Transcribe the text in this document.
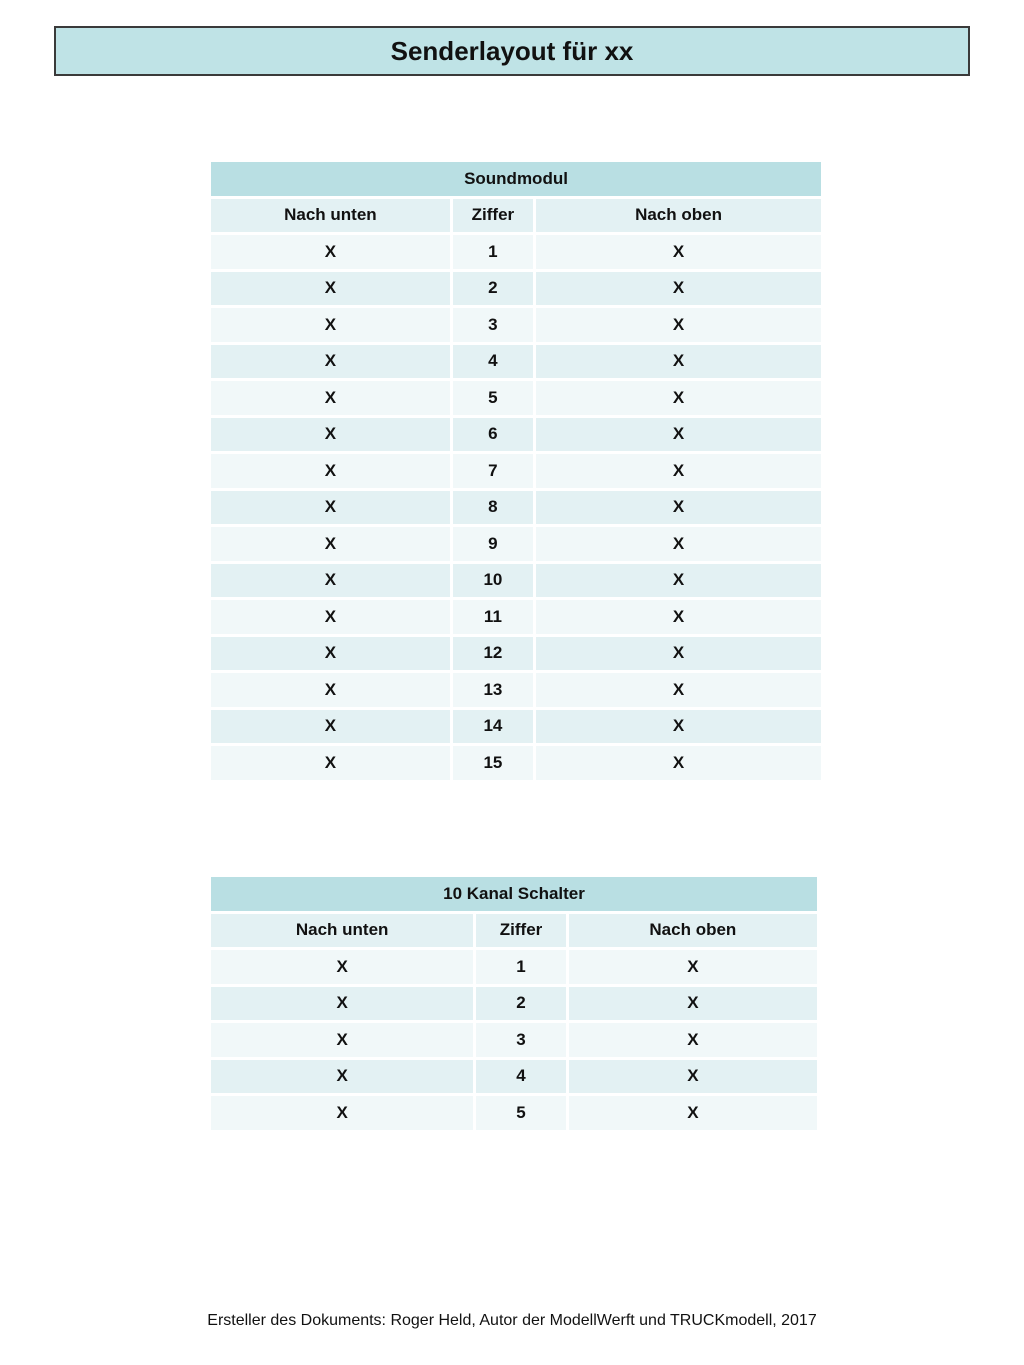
Senderlayout für xx
Soundmodul		
Nach unten	Ziffer	Nach oben
X	1	X
X	2	X
X	3	X
X	4	X
X	5	X
X	6	X
X	7	X
X	8	X
X	9	X
X	10	X
X	11	X
X	12	X
X	13	X
X	14	X
X	15	X
10 Kanal Schalter		
Nach unten	Ziffer	Nach oben
X	1	X
X	2	X
X	3	X
X	4	X
X	5	X
Ersteller des Dokuments: Roger Held, Autor der ModellWerft und TRUCKmodell, 2017
